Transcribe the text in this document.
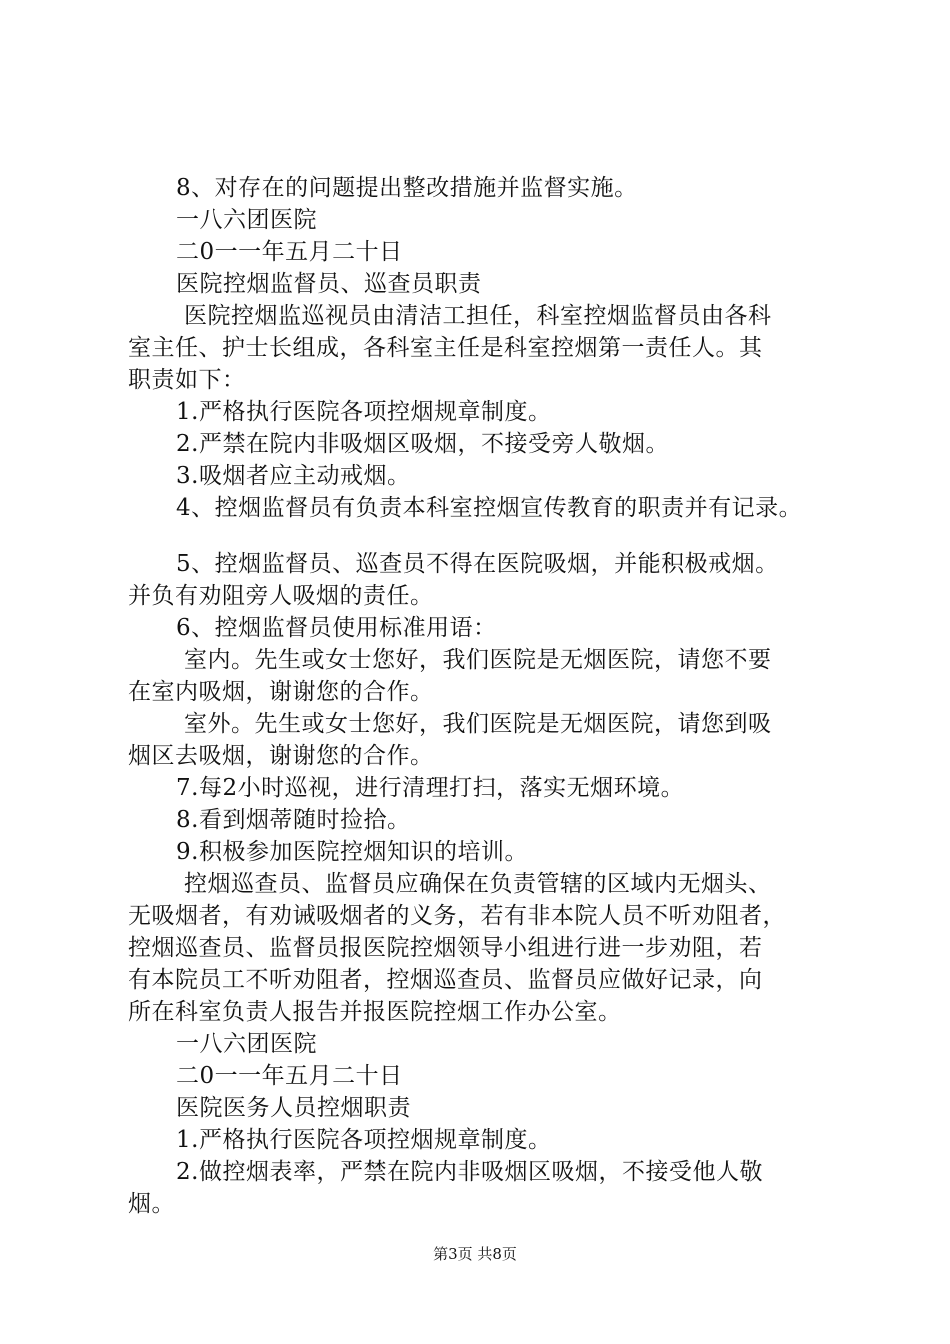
8、对存在的问题提出整改措施并监督实施。
一八六团医院
二0一一年五月二十日
医院控烟监督员、巡查员职责
医院控烟监巡视员由清洁工担任，科室控烟监督员由各科
室主任、护士长组成，各科室主任是科室控烟第一责任人。其
职责如下：
1.严格执行医院各项控烟规章制度。
2.严禁在院内非吸烟区吸烟，不接受旁人敬烟。
3.吸烟者应主动戒烟。
4、控烟监督员有负责本科室控烟宣传教育的职责并有记录。
5、控烟监督员、巡查员不得在医院吸烟，并能积极戒烟。
并负有劝阻旁人吸烟的责任。
6、控烟监督员使用标准用语：
室内。先生或女士您好，我们医院是无烟医院，请您不要
在室内吸烟，谢谢您的合作。
室外。先生或女士您好，我们医院是无烟医院，请您到吸
烟区去吸烟，谢谢您的合作。
7.每2小时巡视，进行清理打扫，落实无烟环境。
8.看到烟蒂随时捡拾。
9.积极参加医院控烟知识的培训。
控烟巡查员、监督员应确保在负责管辖的区域内无烟头、
无吸烟者，有劝诫吸烟者的义务，若有非本院人员不听劝阻者，
控烟巡查员、监督员报医院控烟领导小组进行进一步劝阻，若
有本院员工不听劝阻者，控烟巡查员、监督员应做好记录，向
所在科室负责人报告并报医院控烟工作办公室。
一八六团医院
二0一一年五月二十日
医院医务人员控烟职责
1.严格执行医院各项控烟规章制度。
2.做控烟表率，严禁在院内非吸烟区吸烟，不接受他人敬
烟。
第3页 共8页
